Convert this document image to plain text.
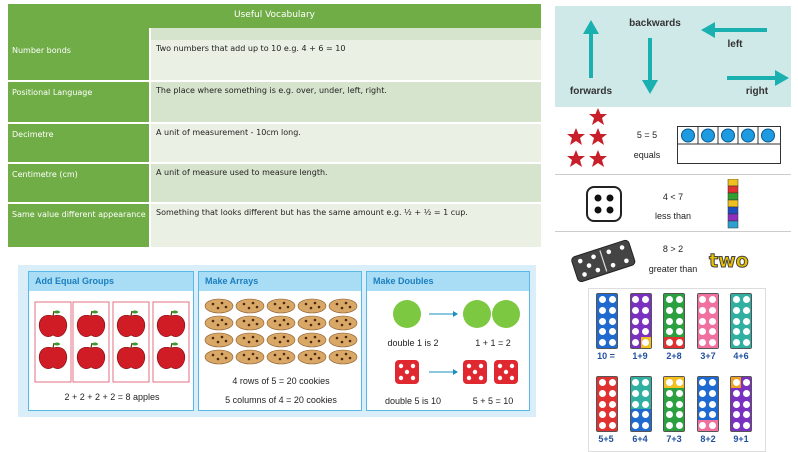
Useful Vocabulary
Number bonds	Two numbers that add up to 10 e.g. 4 + 6 = 10
Positional Language	The place where something is e.g. over, under, left, right.
Decimetre	A unit of measurement - 10cm long.
Centimetre (cm)	A unit of measure used to measure length.
Same value different appearance	Something that looks different but has the same amount e.g. ½ + ½ = 1 cup.
backwards
left
forwards	right
5 = 5
equals
4 < 7
less than
8 > 2
greater than two
10 =	1+9	2+8	3+7	4+6
5+5	6+4	7+3	8+2	9+1
Add Equal Groups
2 + 2 + 2 + 2 = 8 apples
Make Arrays
4 rows of 5 = 20 cookies
5 columns of 4 = 20 cookies
Make Doubles
double 1 is 2	1 + 1 = 2
double 5 is 10	5 + 5 = 10
